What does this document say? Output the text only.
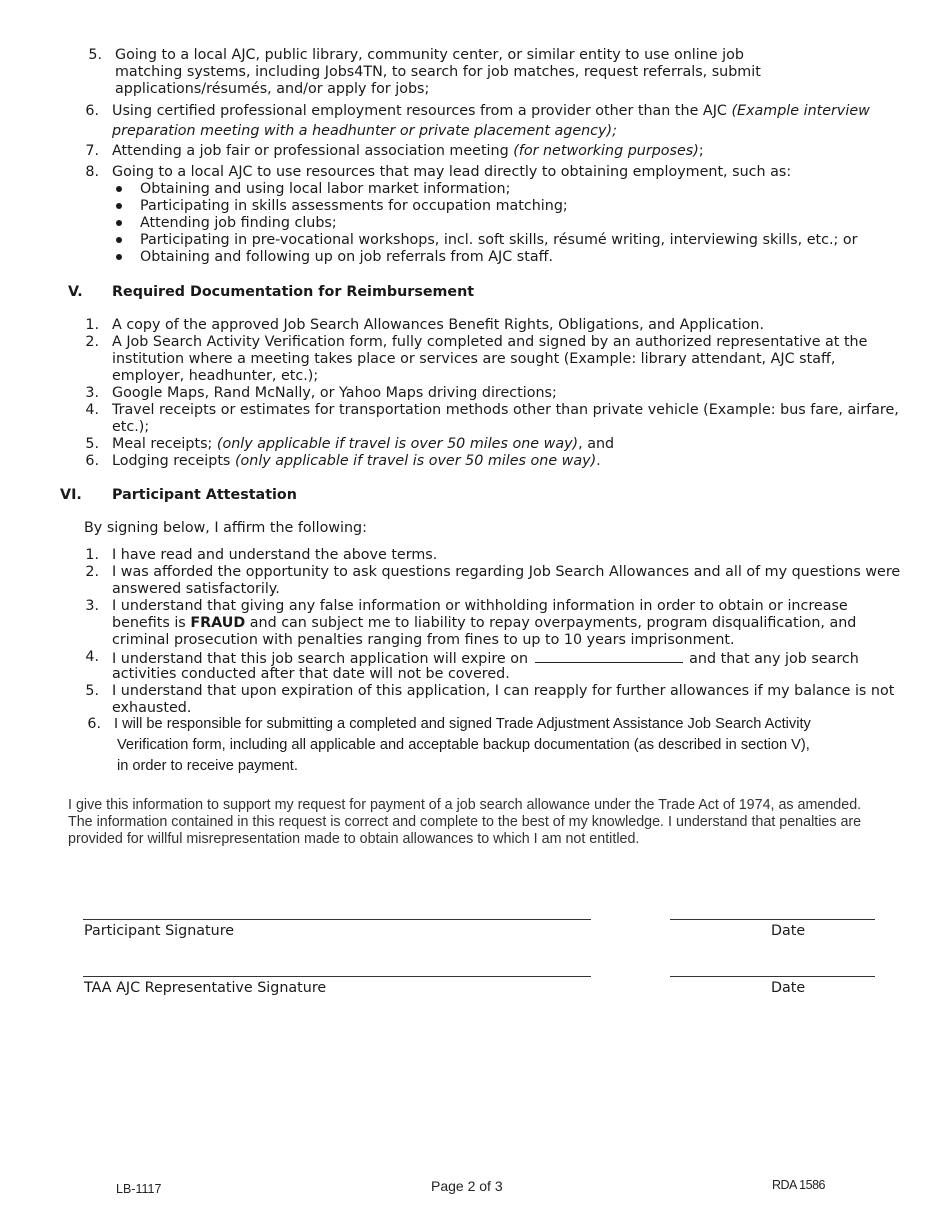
5. Going to a local AJC, public library, community center, or similar entity to use online job
matching systems, including Jobs4TN, to search for job matches, request referrals, submit
applications/résumés, and/or apply for jobs;
6. Using certified professional employment resources from a provider other than the AJC (Example interview
preparation meeting with a headhunter or private placement agency);
7. Attending a job fair or professional association meeting (for networking purposes);
8. Going to a local AJC to use resources that may lead directly to obtaining employment, such as:
Obtaining and using local labor market information;
Participating in skills assessments for occupation matching;
Attending job finding clubs;
Participating in pre-vocational workshops, incl. soft skills, résumé writing, interviewing skills, etc.; or
Obtaining and following up on job referrals from AJC staff.
V. Required Documentation for Reimbursement
1. A copy of the approved Job Search Allowances Benefit Rights, Obligations, and Application.
2. A Job Search Activity Verification form, fully completed and signed by an authorized representative at the
institution where a meeting takes place or services are sought (Example: library attendant, AJC staff,
employer, headhunter, etc.);
3. Google Maps, Rand McNally, or Yahoo Maps driving directions;
4. Travel receipts or estimates for transportation methods other than private vehicle (Example: bus fare, airfare,
etc.);
5. Meal receipts; (only applicable if travel is over 50 miles one way), and
6. Lodging receipts (only applicable if travel is over 50 miles one way).
VI. Participant Attestation
By signing below, I affirm the following:
1. I have read and understand the above terms.
2. I was afforded the opportunity to ask questions regarding Job Search Allowances and all of my questions were
answered satisfactorily.
3. I understand that giving any false information or withholding information in order to obtain or increase
benefits is FRAUD and can subject me to liability to repay overpayments, program disqualification, and
criminal prosecution with penalties ranging from fines to up to 10 years imprisonment.
4. I understand that this job search application will expire on	and that any job search
activities conducted after that date will not be covered.
5. I understand that upon expiration of this application, I can reapply for further allowances if my balance is not
exhausted.
6. I will be responsible for submitting a completed and signed Trade Adjustment Assistance Job Search Activity
Verification form, including all applicable and acceptable backup documentation (as described in section V),
in order to receive payment.
I give this information to support my request for payment of a job search allowance under the Trade Act of 1974, as amended.
The information contained in this request is correct and complete to the best of my knowledge. I understand that penalties are
provided for willful misrepresentation made to obtain allowances to which I am not entitled.
Participant Signature	Date
TAA AJC Representative Signature	Date
LB-1117	Page 2 of 3	RDA 1586
